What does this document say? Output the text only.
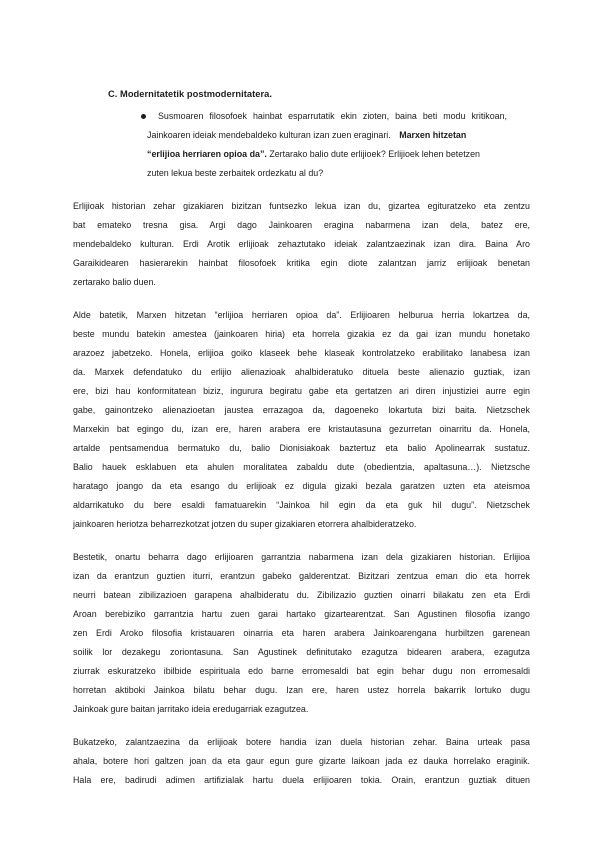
C. Modernitatetik postmodernitatera.
Susmoaren filosofoek hainbat esparrutatik ekin zioten, baina beti modu kritikoan,
Jainkoaren ideiak mendebaldeko kulturan izan zuen eraginari. Marxen hitzetan
“erlijioa herriaren opioa da”. Zertarako balio dute erlijioek? Erlijioek lehen betetzen
zuten lekua beste zerbaitek ordezkatu al du?
Erlijioak historian zehar gizakiaren bizitzan funtsezko lekua izan du, gizartea egituratzeko eta zentzu
bat emateko tresna gisa. Argi dago Jainkoaren eragina nabarmena izan dela, batez ere,
mendebaldeko kulturan. Erdi Arotik erlijioak zehaztutako ideiak zalantzaezinak izan dira. Baina Aro
Garaikidearen hasierarekin hainbat filosofoek kritika egin diote zalantzan jarriz erlijioak benetan
zertarako balio duen.
Alde batetik, Marxen hitzetan “erlijioa herriaren opioa da”. Erlijioaren helburua herria lokartzea da,
beste mundu batekin amestea (jainkoaren hiria) eta horrela gizakia ez da gai izan mundu honetako
arazoez jabetzeko. Honela, erlijioa goiko klaseek behe klaseak kontrolatzeko erabilitako lanabesa izan
da. Marxek defendatuko du erlijio alienazioak ahalbideratuko dituela beste alienazio guztiak, izan
ere, bizi hau konformitatean biziz, ingurura begiratu gabe eta gertatzen ari diren injustiziei aurre egin
gabe, gainontzeko alienazioetan jaustea errazagoa da, dagoeneko lokartuta bizi baita. Nietzschek
Marxekin bat egingo du, izan ere, haren arabera ere kristautasuna gezurretan oinarritu da. Honela,
artalde pentsamendua bermatuko du, balio Dionisiakoak baztertuz eta balio Apolinearrak sustatuz.
Balio hauek esklabuen eta ahulen moralitatea zabaldu dute (obedientzia, apaltasuna…). Nietzsche
haratago joango da eta esango du erlijioak ez digula gizaki bezala garatzen uzten eta ateismoa
aldarrikatuko du bere esaldi famatuarekin “Jainkoa hil egin da eta guk hil dugu”. Nietzschek
jainkoaren heriotza beharrezkotzat jotzen du super gizakiaren etorrera ahalbideratzeko.
Bestetik, onartu beharra dago erlijioaren garrantzia nabarmena izan dela gizakiaren historian. Erlijioa
izan da erantzun guztien iturri, erantzun gabeko galderentzat. Bizitzari zentzua eman dio eta horrek
neurri batean zibilizazioen garapena ahalbideratu du. Zibilizazio guztien oinarri bilakatu zen eta Erdi
Aroan berebiziko garrantzia hartu zuen garai hartako gizartearentzat. San Agustinen filosofia izango
zen Erdi Aroko filosofia kristauaren oinarria eta haren arabera Jainkoarengana hurbiltzen garenean
soilik lor dezakegu zoriontasuna. San Agustinek definitutako ezagutza bidearen arabera, ezagutza
ziurrak eskuratzeko ibilbide espirituala edo barne erromesaldi bat egin behar dugu non erromesaldi
horretan aktiboki Jainkoa bilatu behar dugu. Izan ere, haren ustez horrela bakarrik lortuko dugu
Jainkoak gure baitan jarritako ideia eredugarriak ezagutzea.
Bukatzeko, zalantzaezina da erlijioak botere handia izan duela historian zehar. Baina urteak pasa
ahala, botere hori galtzen joan da eta gaur egun gure gizarte laikoan jada ez dauka horrelako eraginik.
Hala ere, badirudi adimen artifizialak hartu duela erlijioaren tokia. Orain, erantzun guztiak dituen
